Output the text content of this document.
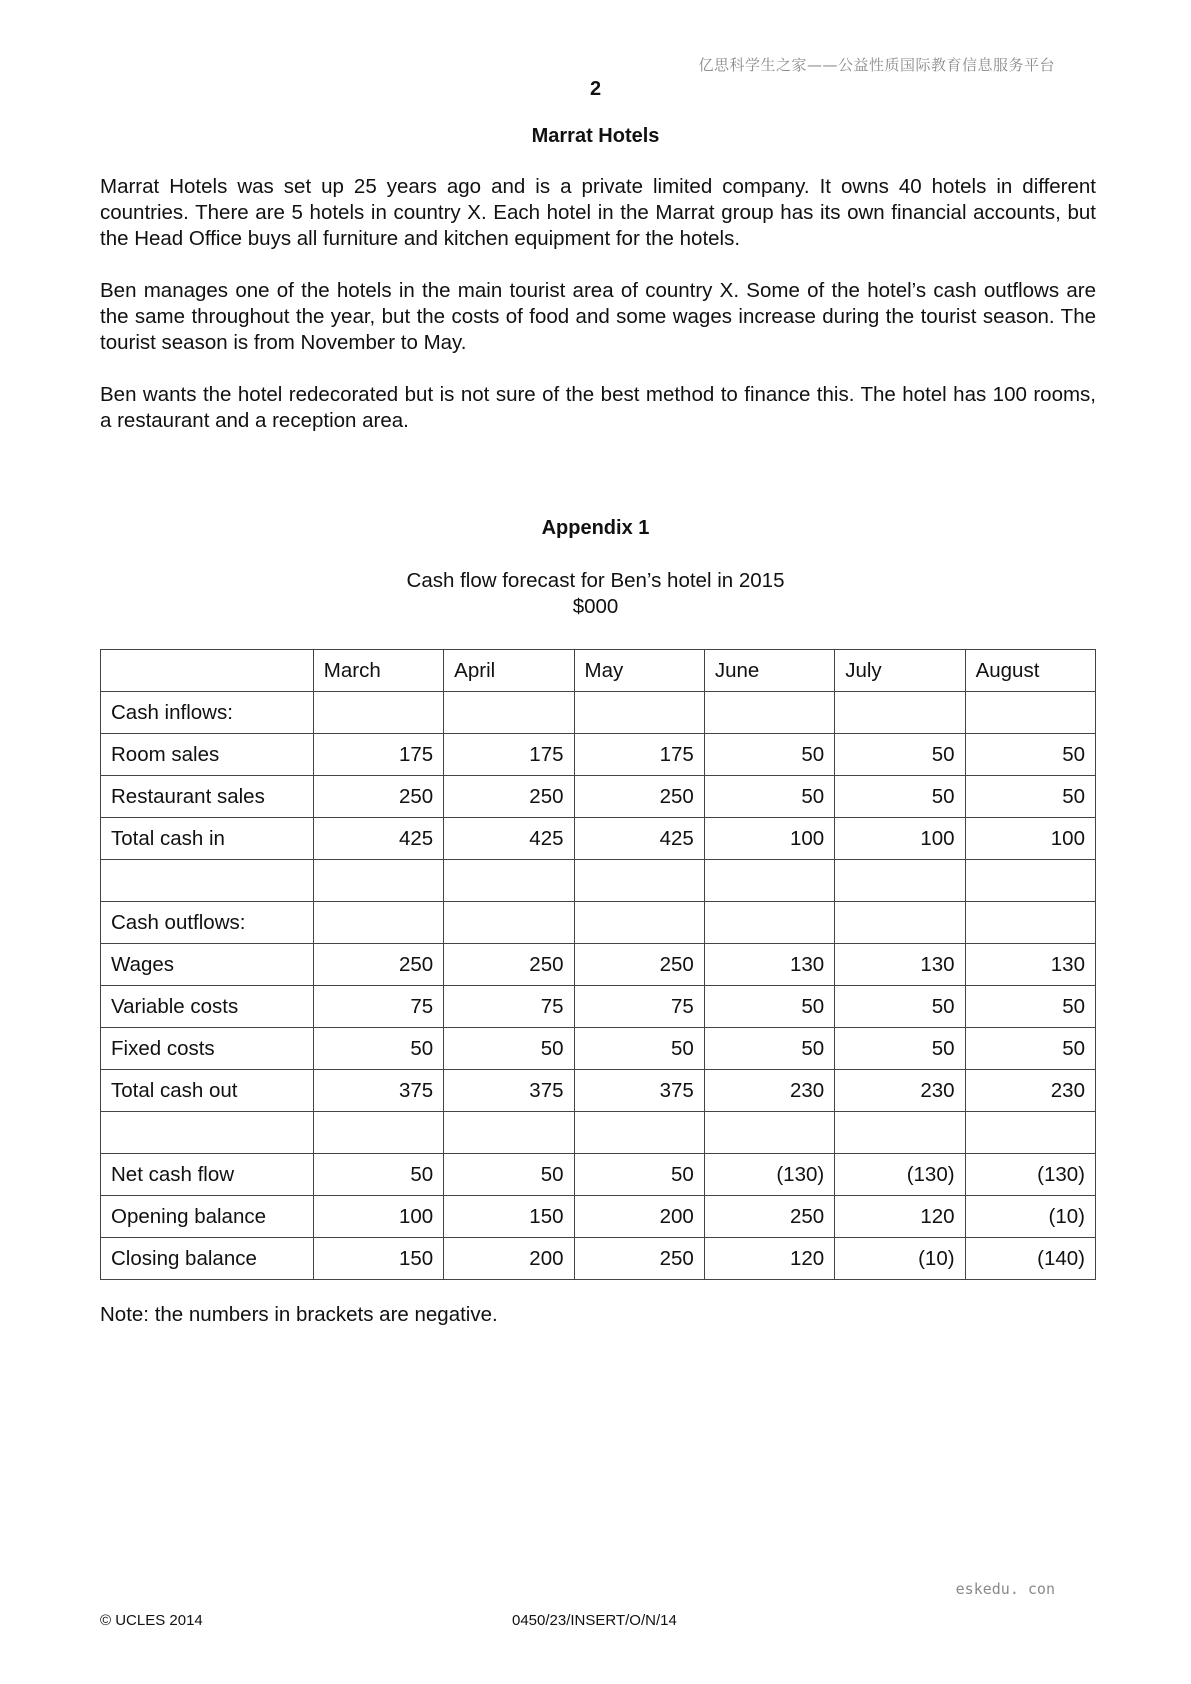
亿思科学生之家——公益性质国际教育信息服务平台
2
Marrat Hotels

Marrat Hotels was set up 25 years ago and is a private limited company. It owns 40 hotels in different countries. There are 5 hotels in country X. Each hotel in the Marrat group has its own financial accounts, but the Head Office buys all furniture and kitchen equipment for the hotels.

Ben manages one of the hotels in the main tourist area of country X. Some of the hotel’s cash outflows are the same throughout the year, but the costs of food and some wages increase during the tourist season. The tourist season is from November to May.

Ben wants the hotel redecorated but is not sure of the best method to finance this. The hotel has 100 rooms, a restaurant and a reception area.

Appendix 1
Cash flow forecast for Ben’s hotel in 2015
$000
	March	April	May	June	July	August
Cash inflows:						
Room sales	175	175	175	50	50	50
Restaurant sales	250	250	250	50	50	50
Total cash in	425	425	425	100	100	100

Cash outflows:						
Wages	250	250	250	130	130	130
Variable costs	75	75	75	50	50	50
Fixed costs	50	50	50	50	50	50
Total cash out	375	375	375	230	230	230

Net cash flow	50	50	50	(130)	(130)	(130)
Opening balance	100	150	200	250	120	(10)
Closing balance	150	200	250	120	(10)	(140)
Note: the numbers in brackets are negative.
eskedu. con
© UCLES 2014	0450/23/INSERT/O/N/14
